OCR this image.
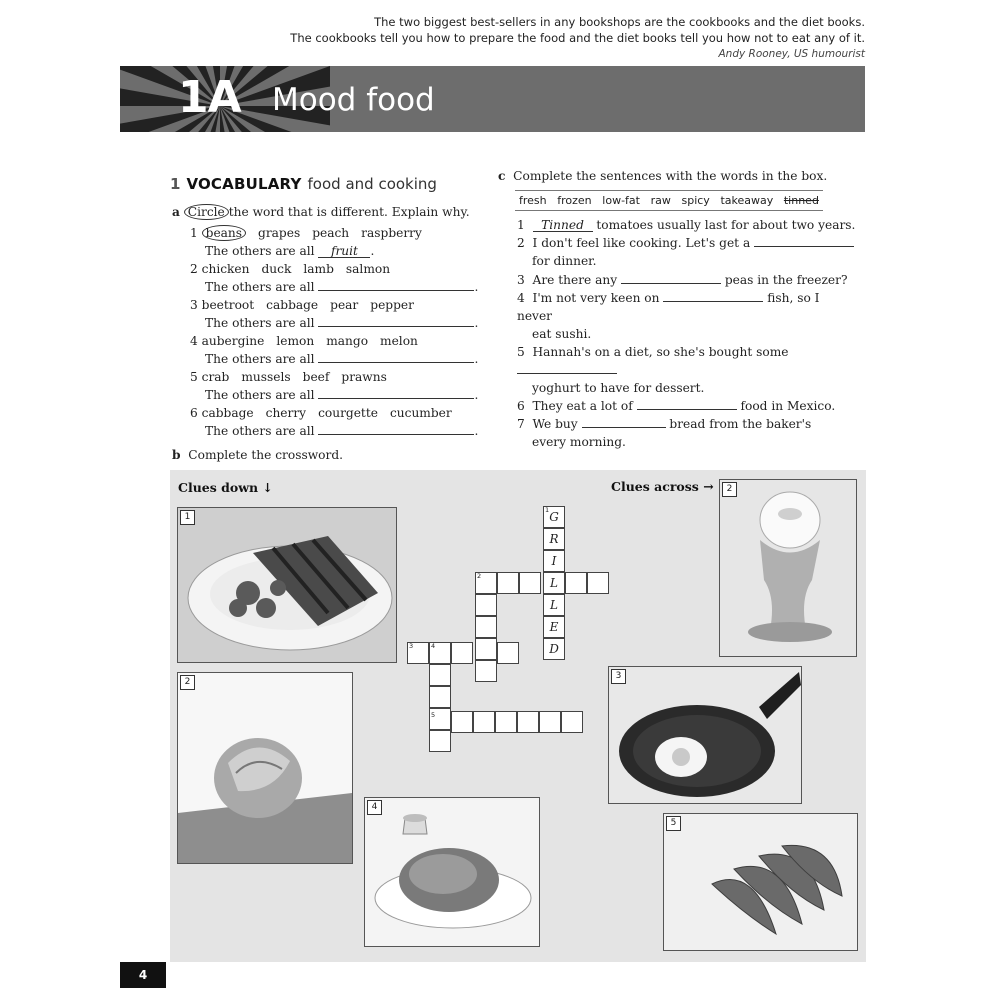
The two biggest best-sellers in any bookshops are the cookbooks and the diet books.
The cookbooks tell you how to prepare the food and the diet books tell you how not to eat any of it.
Andy Rooney, US humourist
1A Mood food
1 VOCABULARY food and cooking
a Circle the word that is different. Explain why.
1 beans grapes peach raspberry
The others are all fruit .
2 chicken duck lamb salmon
The others are all	.
3 beetroot cabbage pear pepper
The others are all	.
4 aubergine lemon mango melon
The others are all	.
5 crab mussels beef prawns
The others are all	.
6 cabbage cherry courgette cucumber
The others are all	.
b Complete the crossword.
c Complete the sentences with the words in the box.
fresh frozen low-fat raw spicy takeaway tinned
1 Tinned tomatoes usually last for about two years.
2 I don't feel like cooking. Let's get a
for dinner.
3 Are there any	peas in the freezer?
4 I'm not very keen on	fish, so I never
eat sushi.
5 Hannah's on a diet, so she's bought some
yoghurt to have for dessert.
6 They eat a lot of	food in Mexico.
7 We buy	bread from the baker's
every morning.
Clues down ↓	Clues across →
1
2
4
2
3
5
1 G
R
I
L
L
E
D
2
3	4
5
4
